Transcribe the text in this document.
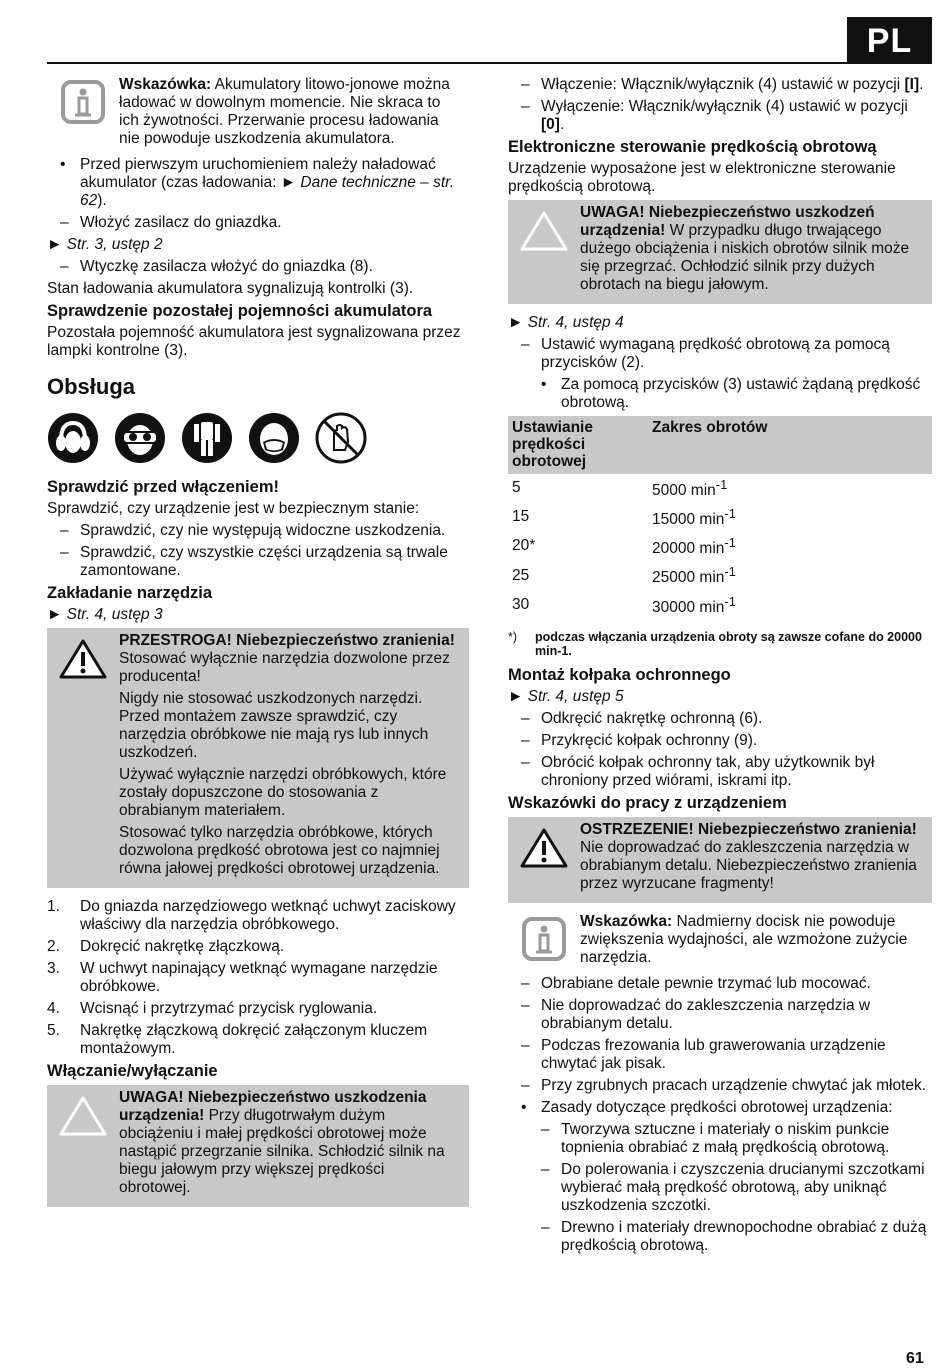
PL
Wskazówka: Akumulatory litowo-jonowe można ładować w dowolnym momencie. Nie skraca to ich żywotności. Przerwanie procesu ładowania nie powoduje uszkodzenia akumulatora.
• Przed pierwszym uruchomieniem należy naładować akumulator (czas ładowania: ► Dane techniczne – str. 62).
– Włożyć zasilacz do gniazdka.
► Str. 3, ustęp 2
– Wtyczkę zasilacza włożyć do gniazdka (8).

Stan ładowania akumulatora sygnalizują kontrolki (3).

Sprawdzenie pozostałej pojemności akumulatora

Pozostała pojemność akumulatora jest sygnalizowana przez lampki kontrolne (3).

Obsługa
Sprawdzić przed włączeniem!

Sprawdzić, czy urządzenie jest w bezpiecznym stanie:

– Sprawdzić, czy nie występują widoczne uszkodzenia.
– Sprawdzić, czy wszystkie części urządzenia są trwale zamontowane.
Zakładanie narzędzia
► Str. 4, ustęp 3

PRZESTROGA! Niebezpieczeństwo zranienia! Stosować wyłącznie narzędzia dozwolone przez producenta!

Nigdy nie stosować uszkodzonych narzędzi. Przed montażem zawsze sprawdzić, czy narzędzia obróbkowe nie mają rys lub innych uszkodzeń.

Używać wyłącznie narzędzi obróbkowych, które zostały dopuszczone do stosowania z obrabianym materiałem.

Stosować tylko narzędzia obróbkowe, których dozwolona prędkość obrotowa jest co najmniej równa jałowej prędkości obrotowej urządzenia.

1.	Do gniazda narzędziowego wetknąć uchwyt zaciskowy właściwy dla narzędzia obróbkowego.
2.	Dokręcić nakrętkę złączkową.
3.	W uchwyt napinający wetknąć wymagane narzędzie obróbkowe.
4.	Wcisnąć i przytrzymać przycisk ryglowania.
5.	Nakrętkę złączkową dokręcić załączonym kluczem montażowym.
Włączanie/wyłączanie

UWAGA! Niebezpieczeństwo uszkodzenia urządzenia! Przy długotrwałym dużym obciążeniu i małej prędkości obrotowej może nastąpić przegrzanie silnika. Schłodzić silnik na biegu jałowym przy większej prędkości obrotowej.

– Włączenie: Włącznik/wyłącznik (4) ustawić w pozycji [I].
– Wyłączenie: Włącznik/wyłącznik (4) ustawić w pozycji [0].
Elektroniczne sterowanie prędkością obrotową

Urządzenie wyposażone jest w elektroniczne sterowanie prędkością obrotową.

UWAGA! Niebezpieczeństwo uszkodzeń urządzenia! W przypadku długo trwającego dużego obciążenia i niskich obrotów silnik może się przegrzać. Ochłodzić silnik przy dużych obrotach na biegu jałowym.

► Str. 4, ustęp 4
– Ustawić wymaganą prędkość obrotową za pomocą przycisków (2).
• Za pomocą przycisków (3) ustawić żądaną prędkość obrotową.
Ustawianie prędkości obrotowej	Zakres obrotów
5	5000 $\min^{-1}$
15	15000 $\min^{-1}$
20*	20000 $\min^{-1}$
25	25000 $\min^{-1}$
30	30000 $\min^{-1}$
*)	podczas włączania urządzenia obroty są zawsze cofane do 20000 min-1.
Montaż kołpaka ochronnego
► Str. 4, ustęp 5
– Odkręcić nakrętkę ochronną (6).
– Przykręcić kołpak ochronny (9).
– Obrócić kołpak ochronny tak, aby użytkownik był chroniony przed wiórami, iskrami itp.
Wskazówki do pracy z urządzeniem

OSTRZEZENIE! Niebezpieczeństwo zranienia! Nie doprowadzać do zakleszczenia narzędzia w obrabianym detalu. Niebezpieczeństwo zranienia przez wyrzucane fragmenty!

Wskazówka: Nadmierny docisk nie powoduje zwiększenia wydajności, ale wzmożone zużycie narzędzia.
– Obrabiane detale pewnie trzymać lub mocować.
– Nie doprowadzać do zakleszczenia narzędzia w obrabianym detalu.
– Podczas frezowania lub grawerowania urządzenie chwytać jak pisak.
– Przy zgrubnych pracach urządzenie chwytać jak młotek.
• Zasady dotyczące prędkości obrotowej urządzenia:
– Tworzywa sztuczne i materiały o niskim punkcie topnienia obrabiać z małą prędkością obrotową.
– Do polerowania i czyszczenia drucianymi szczotkami wybierać małą prędkość obrotową, aby uniknąć uszkodzenia szczotki.
– Drewno i materiały drewnopochodne obrabiać z dużą prędkością obrotową.
61
